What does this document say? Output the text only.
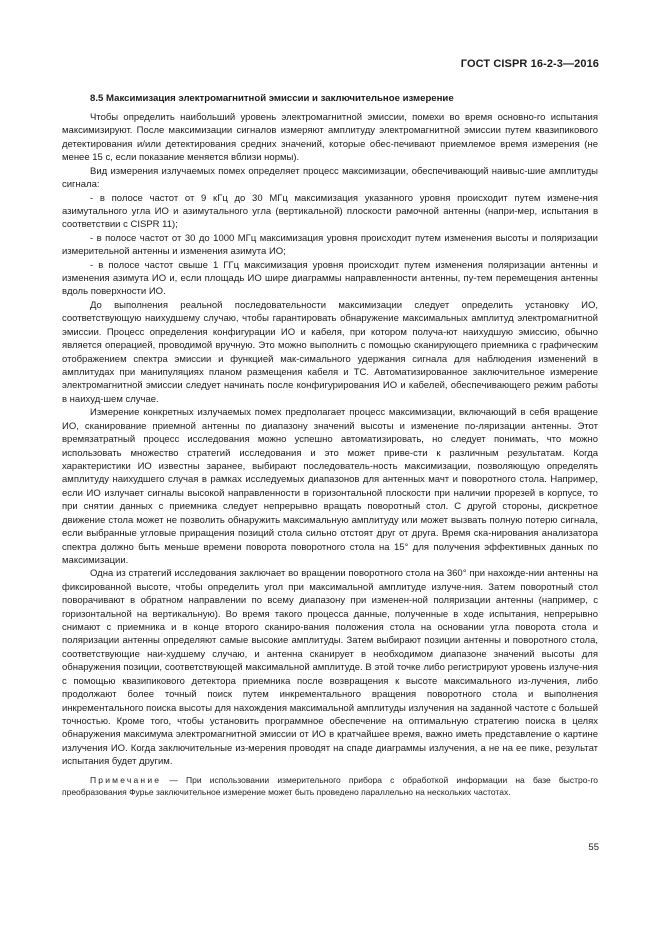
ГОСТ CISPR 16-2-3—2016

8.5 Максимизация электромагнитной эмиссии и заключительное измерение

Чтобы определить наибольший уровень электромагнитной эмиссии, помехи во время основно-го испытания максимизируют. После максимизации сигналов измеряют амплитуду электромагнитной эмиссии путем квазипикового детектирования и/или детектирования средних значений, которые обес-печивают приемлемое время измерения (не менее 15 с, если показание меняется вблизи нормы).

Вид измерения излучаемых помех определяет процесс максимизации, обеспечивающий наивыс-шие амплитуды сигнала:

- в полосе частот от 9 кГц до 30 МГц максимизация указанного уровня происходит путем измене-ния азимутального угла ИО и азимутального угла (вертикальной) плоскости рамочной антенны (напри-мер, испытания в соответствии с CISPR 11);

- в полосе частот от 30 до 1000 МГц максимизация уровня происходит путем изменения высоты и поляризации измерительной антенны и изменения азимута ИО;

- в полосе частот свыше 1 ГГц максимизация уровня происходит путем изменения поляризации антенны и изменения азимута ИО и, если площадь ИО шире диаграммы направленности антенны, пу-тем перемещения антенны вдоль поверхности ИО.

До выполнения реальной последовательности максимизации следует определить установку ИО, соответствующую наихудшему случаю, чтобы гарантировать обнаружение максимальных амплитуд электромагнитной эмиссии. Процесс определения конфигурации ИО и кабеля, при котором получа-ют наихудшую эмиссию, обычно является операцией, проводимой вручную. Это можно выполнить с помощью сканирующего приемника с графическим отображением спектра эмиссии и функцией мак-симального удержания сигнала для наблюдения изменений в амплитудах при манипуляциях планом размещения кабеля и ТС. Автоматизированное заключительное измерение электромагнитной эмиссии следует начинать после конфигурирования ИО и кабелей, обеспечивающего режим работы в наихуд-шем случае.

Измерение конкретных излучаемых помех предполагает процесс максимизации, включающий в себя вращение ИО, сканирование приемной антенны по диапазону значений высоты и изменение по-ляризации антенны. Этот времязатратный процесс исследования можно успешно автоматизировать, но следует понимать, что можно использовать множество стратегий исследования и это может приве-сти к различным результатам. Когда характеристики ИО известны заранее, выбирают последователь-ность максимизации, позволяющую определять амплитуду наихудшего случая в рамках исследуемых диапазонов для антенных мачт и поворотного стола. Например, если ИО излучает сигналы высокой направленности в горизонтальной плоскости при наличии прорезей в корпусе, то при снятии данных с приемника следует непрерывно вращать поворотный стол. С другой стороны, дискретное движение стола может не позволить обнаружить максимальную амплитуду или может вызвать полную потерю сигнала, если выбранные угловые приращения позиций стола сильно отстоят друг от друга. Время ска-нирования анализатора спектра должно быть меньше времени поворота поворотного стола на 15° для получения эффективных данных по максимизации.

Одна из стратегий исследования заключает во вращении поворотного стола на 360° при нахожде-нии антенны на фиксированной высоте, чтобы определить угол при максимальной амплитуде излуче-ния. Затем поворотный стол поворачивают в обратном направлении по всему диапазону при изменен-ной поляризации антенны (например, с горизонтальной на вертикальную). Во время такого процесса данные, полученные в ходе испытания, непрерывно снимают с приемника и в конце второго сканиро-вания положения стола на основании угла поворота стола и поляризации антенны определяют самые высокие амплитуды. Затем выбирают позиции антенны и поворотного стола, соответствующие наи-худшему случаю, и антенна сканирует в необходимом диапазоне значений высоты для обнаружения позиции, соответствующей максимальной амплитуде. В этой точке либо регистрируют уровень излуче-ния с помощью квазипикового детектора приемника после возвращения к высоте максимального из-лучения, либо продолжают более точный поиск путем инкрементального вращения поворотного стола и выполнения инкрементального поиска высоты для нахождения максимальной амплитуды излучения на заданной частоте с большей точностью. Кроме того, чтобы установить программное обеспечение на оптимальную стратегию поиска в целях обнаружения максимума электромагнитной эмиссии от ИО в кратчайшее время, важно иметь представление о картине излучения ИО. Когда заключительные из-мерения проводят на спаде диаграммы излучения, а не на ее пике, результат испытания будет другим.

Примечание — При использовании измерительного прибора с обработкой информации на базе быстро-го преобразования Фурье заключительное измерение может быть проведено параллельно на нескольких частотах.

55
